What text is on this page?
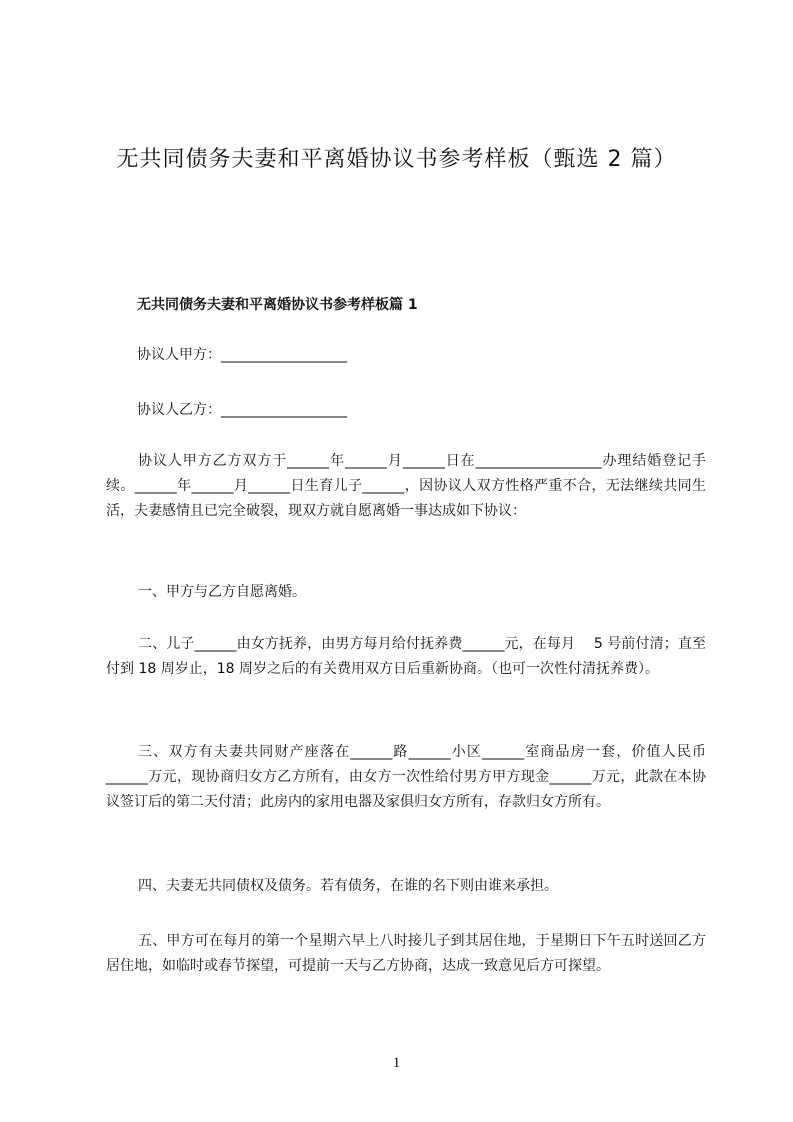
无共同债务夫妻和平离婚协议书参考样板（甄选 2 篇）
无共同债务夫妻和平离婚协议书参考样板篇 1
协议人甲方：__________________
协议人乙方：__________________

协议人甲方乙方双方于______年______月______日在__________________办理结婚登记手续。______年______月______日生育儿子______，因协议人双方性格严重不合，无法继续共同生活，夫妻感情且已完全破裂，现双方就自愿离婚一事达成如下协议：

一、甲方与乙方自愿离婚。

二、儿子______由女方抚养，由男方每月给付抚养费______元，在每月　 5 号前付清；直至付到 18 周岁止，18 周岁之后的有关费用双方日后重新协商。（也可一次性付清抚养费）。

三、双方有夫妻共同财产座落在______路______小区______室商品房一套，价值人民币______万元，现协商归女方乙方所有，由女方一次性给付男方甲方现金______万元，此款在本协议签订后的第二天付清；此房内的家用电器及家俱归女方所有，存款归女方所有。

四、夫妻无共同债权及债务。若有债务，在谁的名下则由谁来承担。

五、甲方可在每月的第一个星期六早上八时接儿子到其居住地，于星期日下午五时送回乙方居住地，如临时或春节探望，可提前一天与乙方协商，达成一致意见后方可探望。

1
